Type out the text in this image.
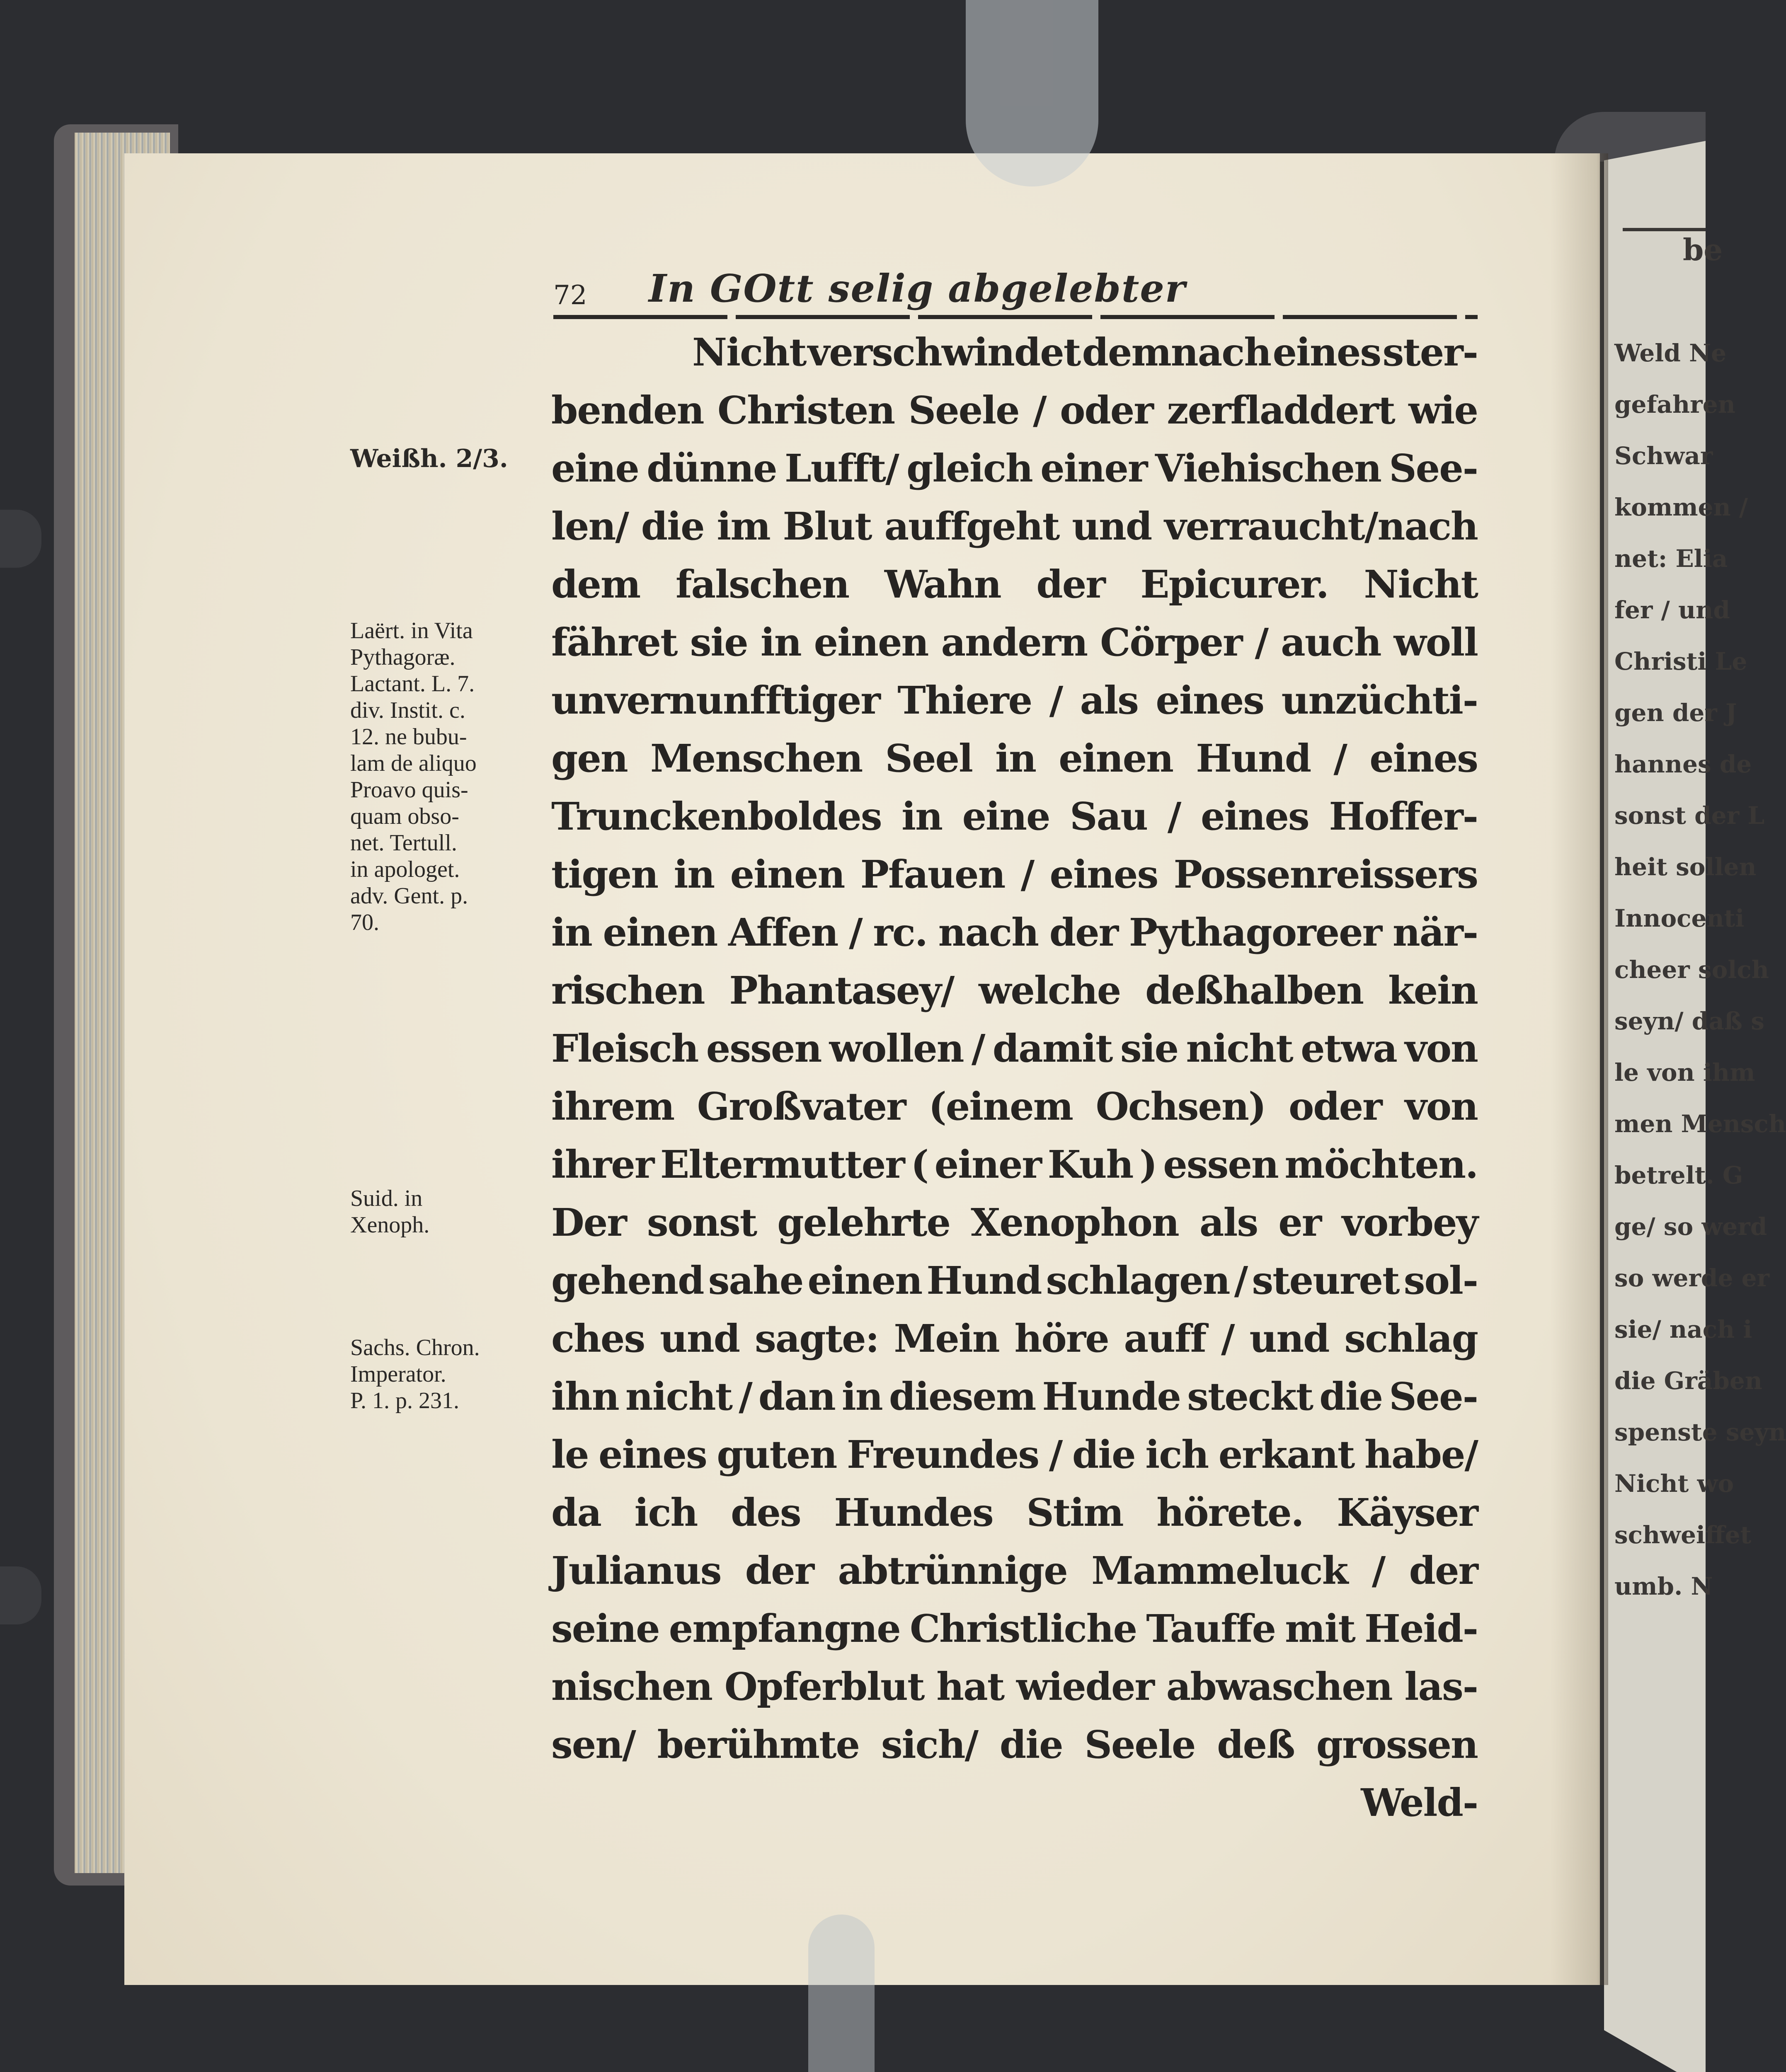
72	In GOtt selig abgelebter
Nicht verschwindet demnach eines ster-
benden Christen Seele / oder zerfladdert wie
eine dünne Lufft/ gleich einer Viehischen See-
len/ die im Blut auffgeht und verraucht/nach
dem falschen Wahn der Epicurer. Nicht
fähret sie in einen andern Cörper / auch woll
unvernunfftiger Thiere / als eines unzüchti-
gen Menschen Seel in einen Hund / eines
Trunckenboldes in eine Sau / eines Hoffer-
tigen in einen Pfauen / eines Possenreissers
in einen Affen / rc. nach der Pythagoreer när-
rischen Phantasey/ welche deßhalben kein
Fleisch essen wollen / damit sie nicht etwa von
ihrem Großvater (einem Ochsen) oder von
ihrer Eltermutter ( einer Kuh ) essen möchten.
Der sonst gelehrte Xenophon als er vorbey
gehend sahe einen Hund schlagen / steuret sol-
ches und sagte: Mein höre auff / und schlag
ihn nicht / dan in diesem Hunde steckt die See-
le eines guten Freundes / die ich erkant habe/
da ich des Hundes Stim hörete. Käyser
Julianus der abtrünnige Mammeluck / der
seine empfangne Christliche Tauffe mit Heid-
nischen Opferblut hat wieder abwaschen las-
sen/ berühmte sich/ die Seele deß grossen
Weld-
Weißh. 2/3.
Laërt. in Vita
Pythagoræ.
Lactant. L. 7.
div. Instit. c.
12. ne bubu-
lam de aliquo
Proavo quis-
quam obso-
net. Tertull.
in apologet.
adv. Gent. p.
70.
Suid. in
Xenoph.
Sachs. Chron.
Imperator.
P. 1. p. 231.
be
Weld Ne
gefahren
Schwar
kommen /
net: Elia
fer / und
Christi Le
gen der J
hannes de
sonst der L
heit sollen
Innocenti
cheer solch
seyn/ daß s
le von ihm
men Mensch
betrelt. G
ge/ so werd
so werde er
sie/ nach i
die Gräben
spenste seyn
Nicht wo
schweiffet
umb. N
